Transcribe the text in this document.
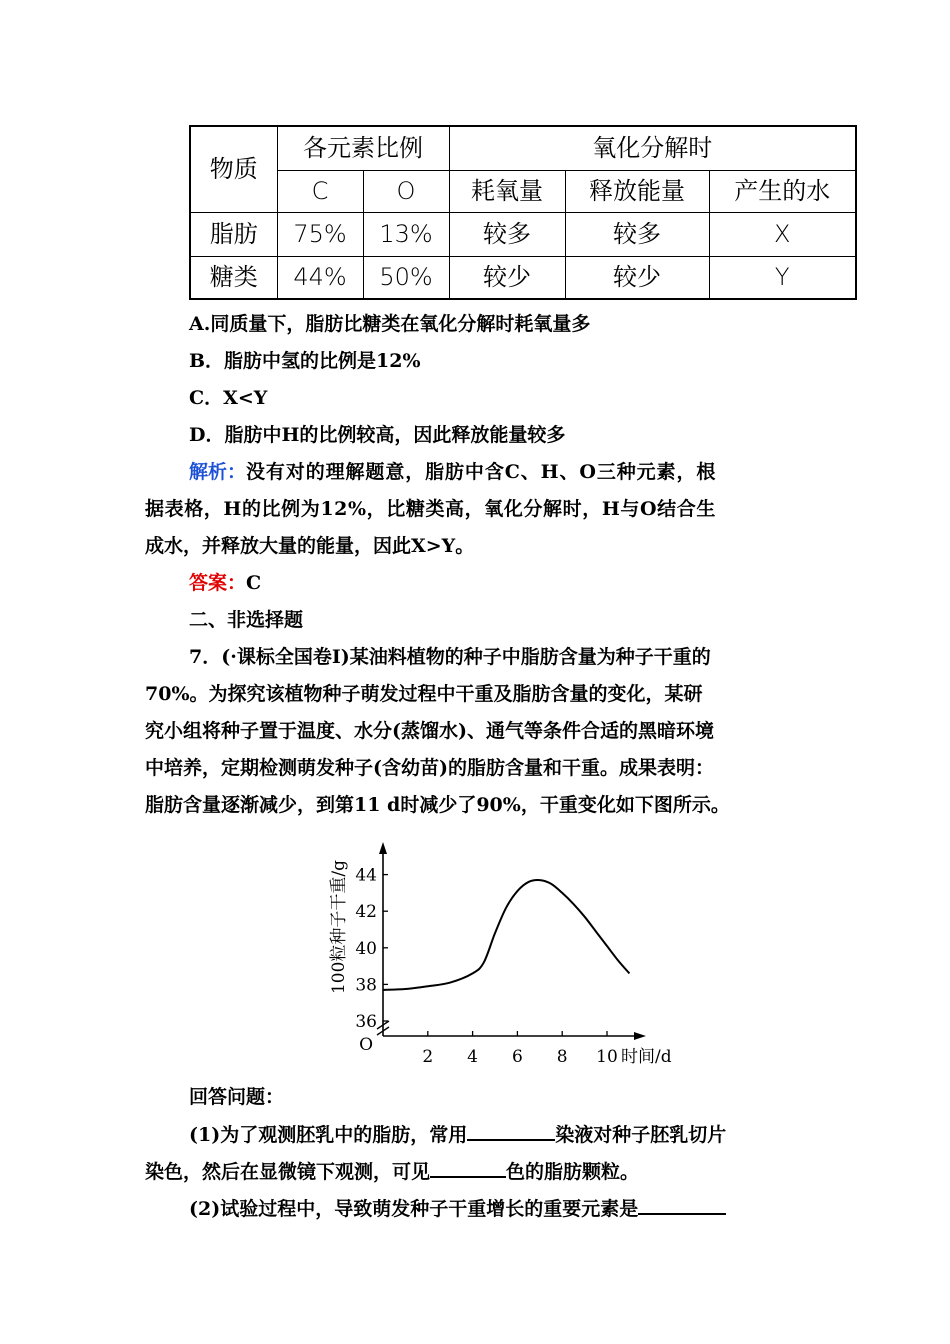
物质	各元素比例		氧化分解时		
	C	O	耗氧量	释放能量	产生的水
脂肪	75%	13%	较多	较多	X
糖类	44%	50%	较少	较少	Y
A.同质量下，脂肪比糖类在氧化分解时耗氧量多
B．脂肪中氢的比例是12%
C．X<Y
D．脂肪中H的比例较高，因此释放能量较多
解析：没有对的理解题意，脂肪中含C、H、O三种元素，根
据表格，H的比例为12%，比糖类高，氧化分解时，H与O结合生
成水，并释放大量的能量，因此X>Y。
答案：C
二、非选择题
7．(·课标全国卷Ⅰ)某油料植物的种子中脂肪含量为种子干重的
70%。为探究该植物种子萌发过程中干重及脂肪含量的变化，某研
究小组将种子置于温度、水分(蒸馏水)、通气等条件合适的黑暗环境
中培养，定期检测萌发种子(含幼苗)的脂肪含量和干重。成果表明：
脂肪含量逐渐减少，到第11 d时减少了90%，干重变化如下图所示。
36
38
40
42
44
2 4 6 8 10
O
时间/d
100粒种子干重/g
回答问题：
(1)为了观测胚乳中的脂肪，常用	染液对种子胚乳切片
染色，然后在显微镜下观测，可见	色的脂肪颗粒。
(2)试验过程中，导致萌发种子干重增长的重要元素是
